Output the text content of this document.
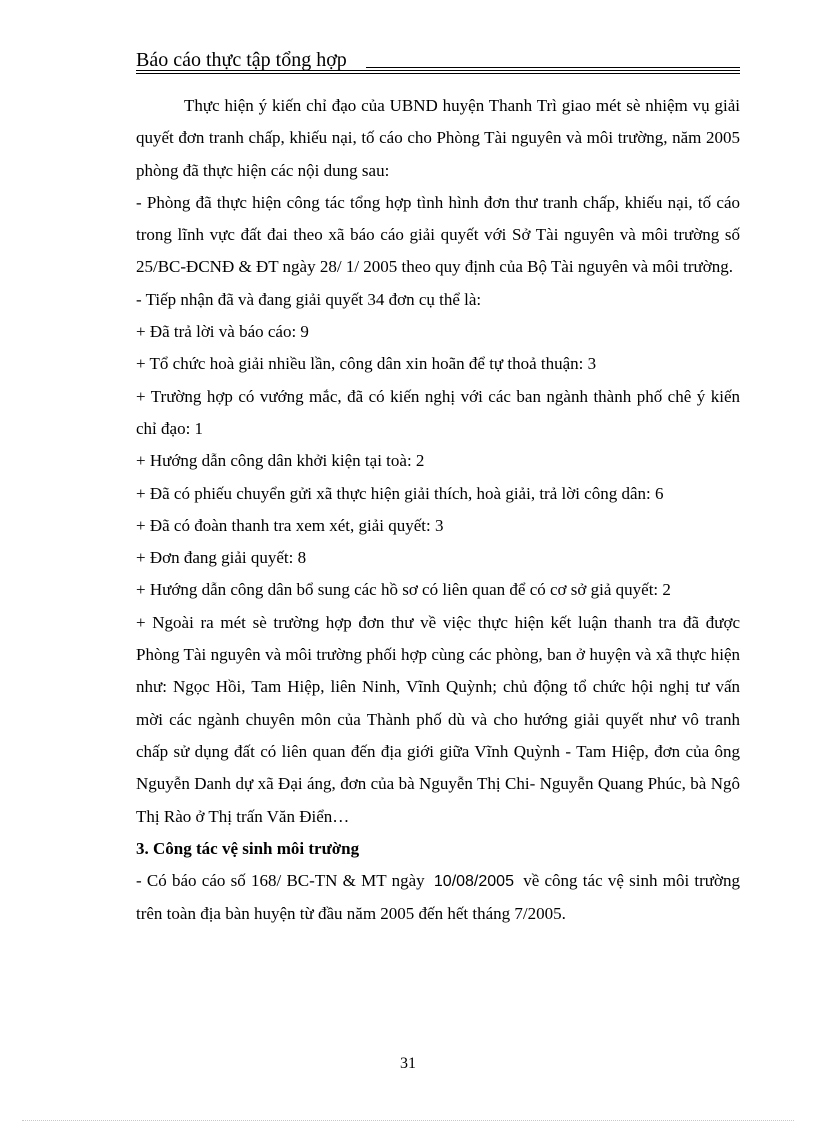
Báo cáo thực tập tổng hợp

Thực hiện ý kiến chỉ đạo của UBND huyện Thanh Trì giao mét sè nhiệm vụ giải quyết đơn tranh chấp, khiếu nại, tố cáo cho Phòng Tài nguyên và môi trường, năm 2005 phòng đã thực hiện các nội dung sau:

- Phòng đã thực hiện công tác tổng hợp tình hình đơn thư tranh chấp, khiếu nại, tố cáo trong lĩnh vực đất đai theo xã báo cáo giải quyết với Sở Tài nguyên và môi trường số 25/BC-ĐCNĐ & ĐT ngày 28/ 1/ 2005 theo quy định của Bộ Tài nguyên và môi trường.

- Tiếp nhận đã và đang giải quyết 34 đơn cụ thể là:

+ Đã trả lời và báo cáo: 9

+ Tổ chức hoà giải nhiều lần, công dân xin hoãn để tự thoả thuận: 3

+ Trường hợp có vướng mắc, đã có kiến nghị với các ban ngành thành phố chê ý kiến chỉ đạo: 1

+ Hướng dẫn công dân khởi kiện tại toà: 2

+ Đã có phiếu chuyển gửi xã thực hiện giải thích, hoà giải, trả lời công dân: 6

+ Đã có đoàn thanh tra xem xét, giải quyết: 3

+ Đơn đang giải quyết: 8

+ Hướng dẫn công dân bổ sung các hồ sơ có liên quan để có cơ sở giả quyết: 2

+ Ngoài ra mét sè trường hợp đơn thư về việc thực hiện kết luận thanh tra đã được Phòng Tài nguyên và môi trường phối hợp cùng các phòng, ban ở huyện và xã thực hiện như: Ngọc Hồi, Tam Hiệp, liên Ninh, Vĩnh Quỳnh; chủ động tổ chức hội nghị tư vấn mời các ngành chuyên môn của Thành phố dù và cho hướng giải quyết như vô tranh chấp sử dụng đất có liên quan đến địa giới giữa Vĩnh Quỳnh - Tam Hiệp, đơn của ông Nguyễn Danh dự xã Đại áng, đơn của bà Nguyễn Thị Chi- Nguyễn Quang Phúc, bà Ngô Thị Rào ở Thị trấn Văn Điển…

3. Công tác vệ sinh môi trường

- Có báo cáo số 168/ BC-TN & MT ngày 10/08/2005 về công tác vệ sinh môi trường trên toàn địa bàn huyện từ đầu năm 2005 đến hết tháng 7/2005.

31
